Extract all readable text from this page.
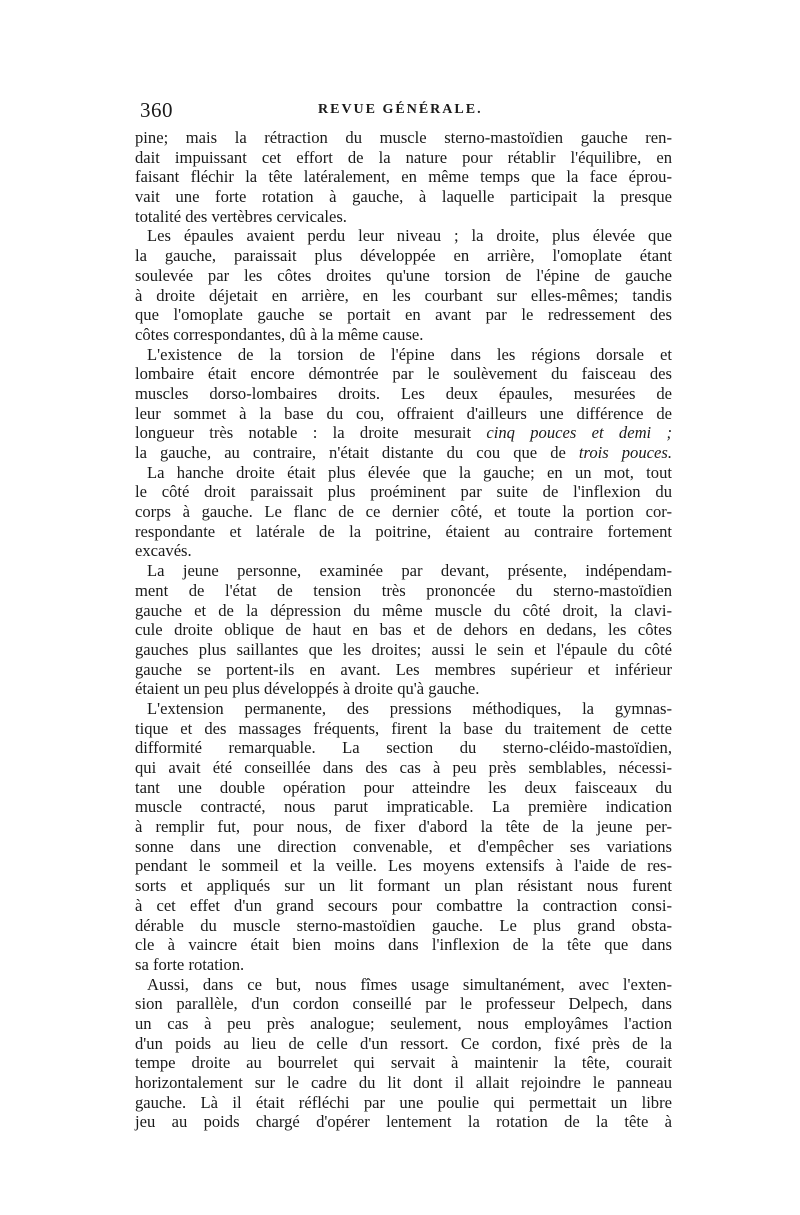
360	REVUE GÉNÉRALE.
pine; mais la rétraction du muscle sterno-mastoïdien gauche ren-
dait impuissant cet effort de la nature pour rétablir l'équilibre, en
faisant fléchir la tête latéralement, en même temps que la face éprou-
vait une forte rotation à gauche, à laquelle participait la presque
totalité des vertèbres cervicales.
Les épaules avaient perdu leur niveau ; la droite, plus élevée que
la gauche, paraissait plus développée en arrière, l'omoplate étant
soulevée par les côtes droites qu'une torsion de l'épine de gauche
à droite déjetait en arrière, en les courbant sur elles-mêmes; tandis
que l'omoplate gauche se portait en avant par le redressement des
côtes correspondantes, dû à la même cause.
L'existence de la torsion de l'épine dans les régions dorsale et
lombaire était encore démontrée par le soulèvement du faisceau des
muscles dorso-lombaires droits. Les deux épaules, mesurées de
leur sommet à la base du cou, offraient d'ailleurs une différence de
longueur très notable : la droite mesurait cinq pouces et demi ;
la gauche, au contraire, n'était distante du cou que de trois pouces.
La hanche droite était plus élevée que la gauche; en un mot, tout
le côté droit paraissait plus proéminent par suite de l'inflexion du
corps à gauche. Le flanc de ce dernier côté, et toute la portion cor-
respondante et latérale de la poitrine, étaient au contraire fortement
excavés.
La jeune personne, examinée par devant, présente, indépendam-
ment de l'état de tension très prononcée du sterno-mastoïdien
gauche et de la dépression du même muscle du côté droit, la clavi-
cule droite oblique de haut en bas et de dehors en dedans, les côtes
gauches plus saillantes que les droites; aussi le sein et l'épaule du côté
gauche se portent-ils en avant. Les membres supérieur et inférieur
étaient un peu plus développés à droite qu'à gauche.
L'extension permanente, des pressions méthodiques, la gymnas-
tique et des massages fréquents, firent la base du traitement de cette
difformité remarquable. La section du sterno-cléido-mastoïdien,
qui avait été conseillée dans des cas à peu près semblables, nécessi-
tant une double opération pour atteindre les deux faisceaux du
muscle contracté, nous parut impraticable. La première indication
à remplir fut, pour nous, de fixer d'abord la tête de la jeune per-
sonne dans une direction convenable, et d'empêcher ses variations
pendant le sommeil et la veille. Les moyens extensifs à l'aide de res-
sorts et appliqués sur un lit formant un plan résistant nous furent
à cet effet d'un grand secours pour combattre la contraction consi-
dérable du muscle sterno-mastoïdien gauche. Le plus grand obsta-
cle à vaincre était bien moins dans l'inflexion de la tête que dans
sa forte rotation.
Aussi, dans ce but, nous fîmes usage simultanément, avec l'exten-
sion parallèle, d'un cordon conseillé par le professeur Delpech, dans
un cas à peu près analogue; seulement, nous employâmes l'action
d'un poids au lieu de celle d'un ressort. Ce cordon, fixé près de la
tempe droite au bourrelet qui servait à maintenir la tête, courait
horizontalement sur le cadre du lit dont il allait rejoindre le panneau
gauche. Là il était réfléchi par une poulie qui permettait un libre
jeu au poids chargé d'opérer lentement la rotation de la tête à
